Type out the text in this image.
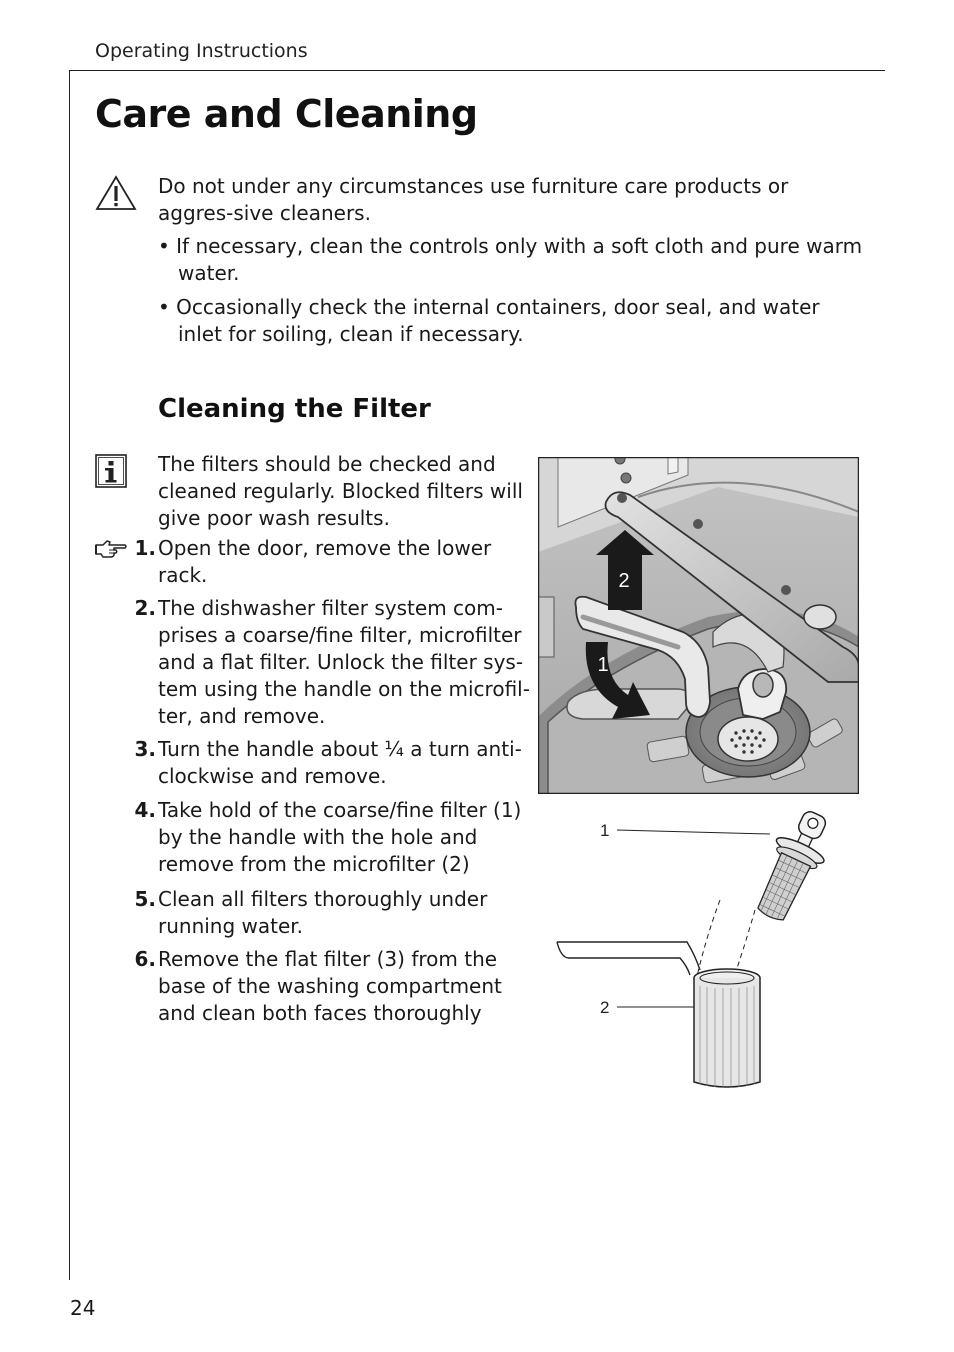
Operating Instructions
Care and Cleaning
Do not under any circumstances use furniture care products or aggres-sive cleaners.
• If necessary, clean the controls only with a soft cloth and pure warm water.
• Occasionally check the internal containers, door seal, and water inlet for soiling, clean if necessary.
Cleaning the Filter
The filters should be checked and cleaned regularly. Blocked filters will give poor wash results.
1. Open the door, remove the lower rack.
2. The dishwasher filter system com-prises a coarse/fine filter, microfilter and a flat filter. Unlock the filter sys-tem using the handle on the microfil-ter, and remove.
3. Turn the handle about ¼ a turn anti-clockwise and remove.
4. Take hold of the coarse/fine filter (1) by the handle with the hole and remove from the microfilter (2)
5. Clean all filters thoroughly under running water.
6. Remove the flat filter (3) from the base of the washing compartment and clean both faces thoroughly
2
1
1
2
24
